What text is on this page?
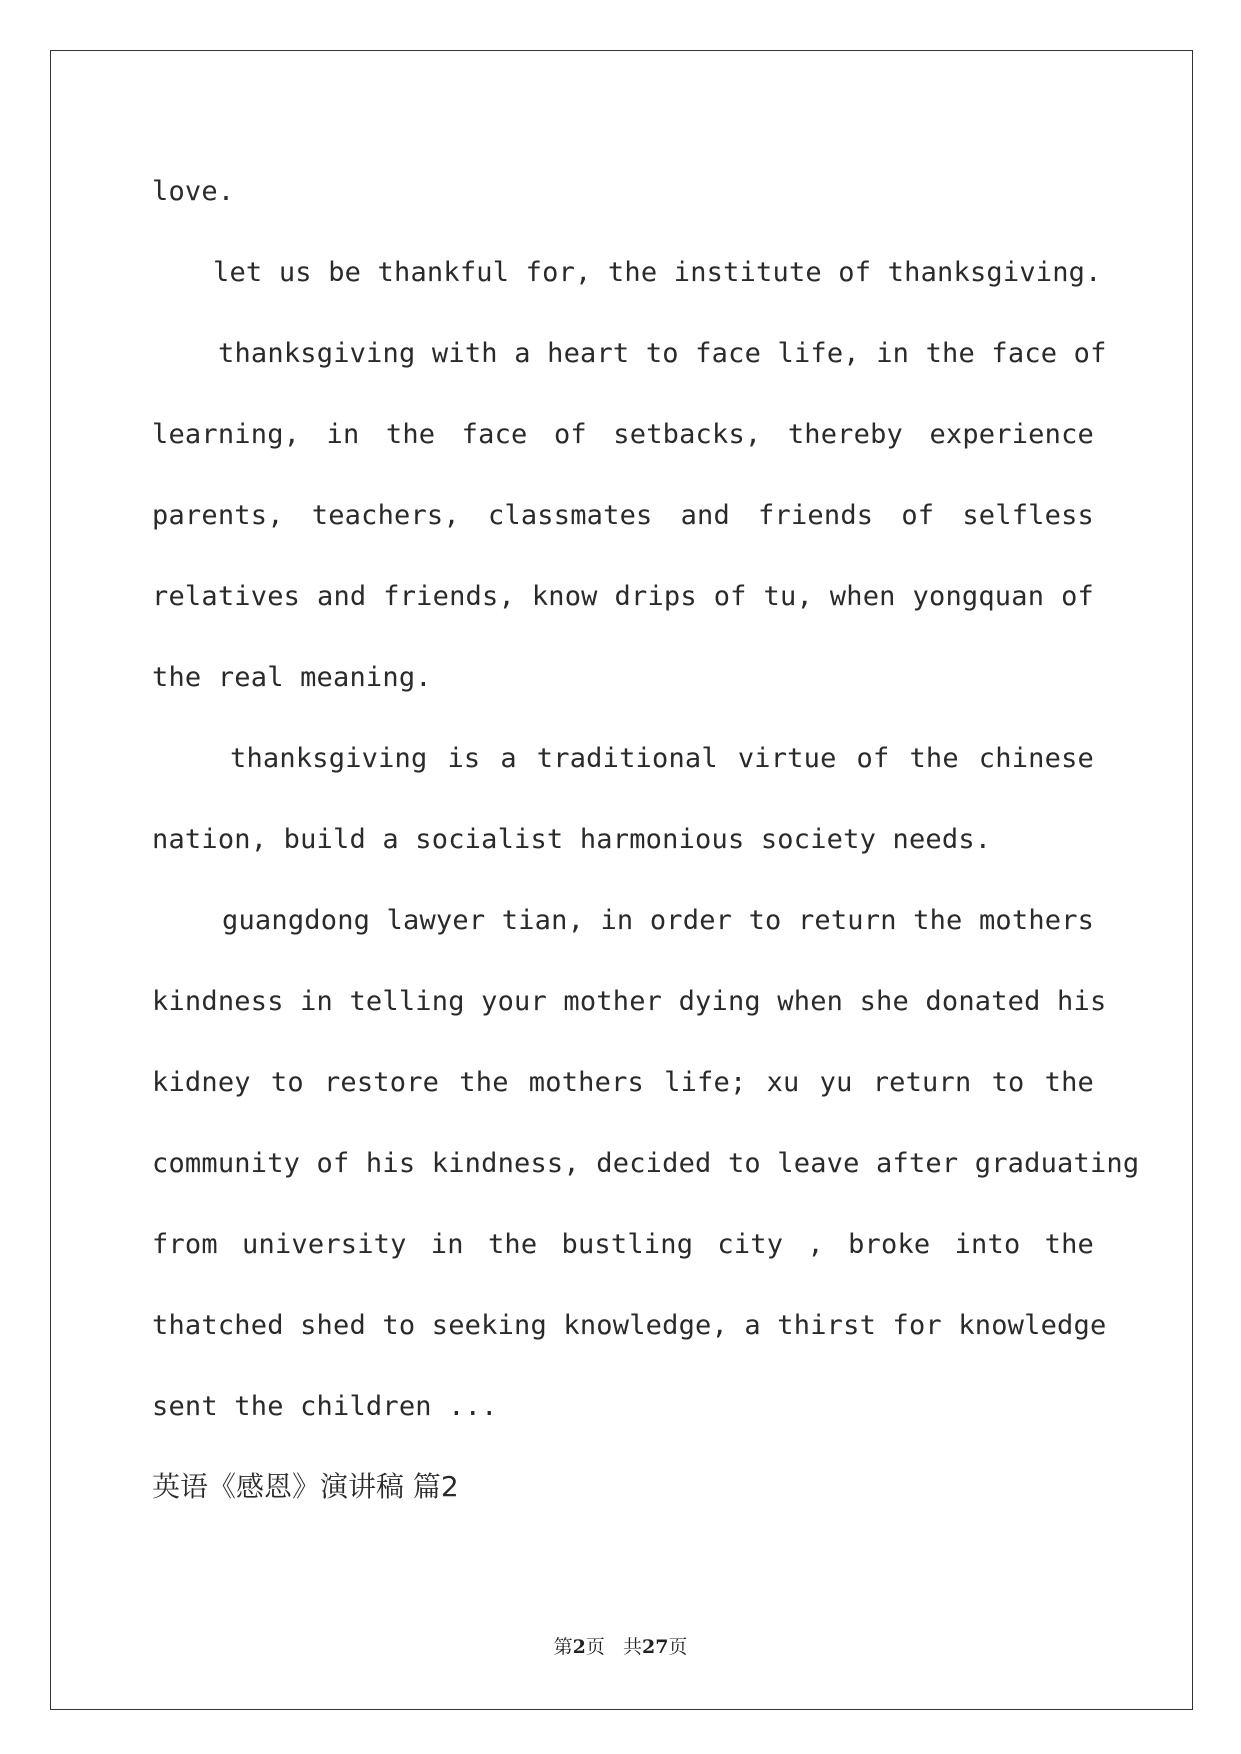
love.
let us be thankful for, the institute of thanksgiving.
thanksgiving with a heart to face life, in the face of
learning, in the face of setbacks, thereby experience
parents, teachers, classmates and friends of selfless
relatives and friends, know drips of tu, when yongquan of
the real meaning.
thanksgiving is a traditional virtue of the chinese
nation, build a socialist harmonious society needs.
guangdong lawyer tian, in order to return the mothers
kindness in telling your mother dying when she donated his
kidney to restore the mothers life; xu yu return to the
community of his kindness, decided to leave after graduating
from university in the bustling city , broke into the
thatched shed to seeking knowledge, a thirst for knowledge
sent the children ...
英语《感恩》演讲稿 篇2
第2页 共27页
